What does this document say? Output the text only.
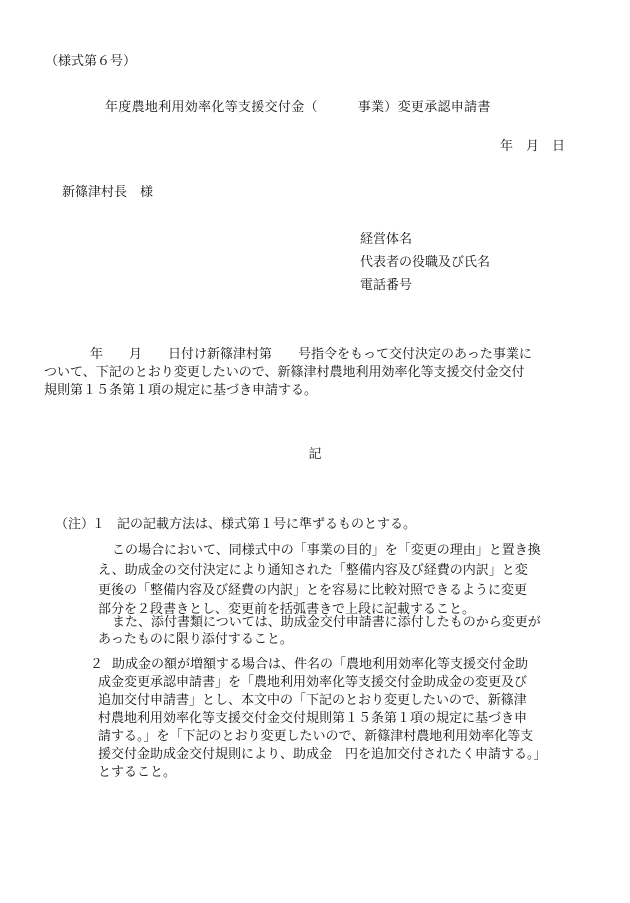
（様式第６号）
年度農地利用効率化等支援交付金（　　　事業）変更承認申請書
年　月　日
新篠津村長　様
経営体名
代表者の役職及び氏名
電話番号
年　　月　　日付け新篠津村第　　号指令をもって交付決定のあった事業に
ついて、下記のとおり変更したいので、新篠津村農地利用効率化等支援交付金交付
規則第１５条第１項の規定に基づき申請する。
記
（注）
１ 記の記載方法は、様式第１号に準ずるものとする。
この場合において、同様式中の「事業の目的」を「変更の理由」と置き換
え、助成金の交付決定により通知された「整備内容及び経費の内訳」と変
更後の「整備内容及び経費の内訳」とを容易に比較対照できるように変更
部分を２段書きとし、変更前を括弧書きで上段に記載すること。
また、添付書類については、助成金交付申請書に添付したものから変更が
あったものに限り添付すること。
２ 助成金の額が増額する場合は、件名の「農地利用効率化等支援交付金助
成金変更承認申請書」を「農地利用効率化等支援交付金助成金の変更及び
追加交付申請書」とし、本文中の「下記のとおり変更したいので、新篠津
村農地利用効率化等支援交付金交付規則第１５条第１項の規定に基づき申
請する。」を「下記のとおり変更したいので、新篠津村農地利用効率化等支
援交付金助成金交付規則により、助成金　円を追加交付されたく申請する。」
とすること。
